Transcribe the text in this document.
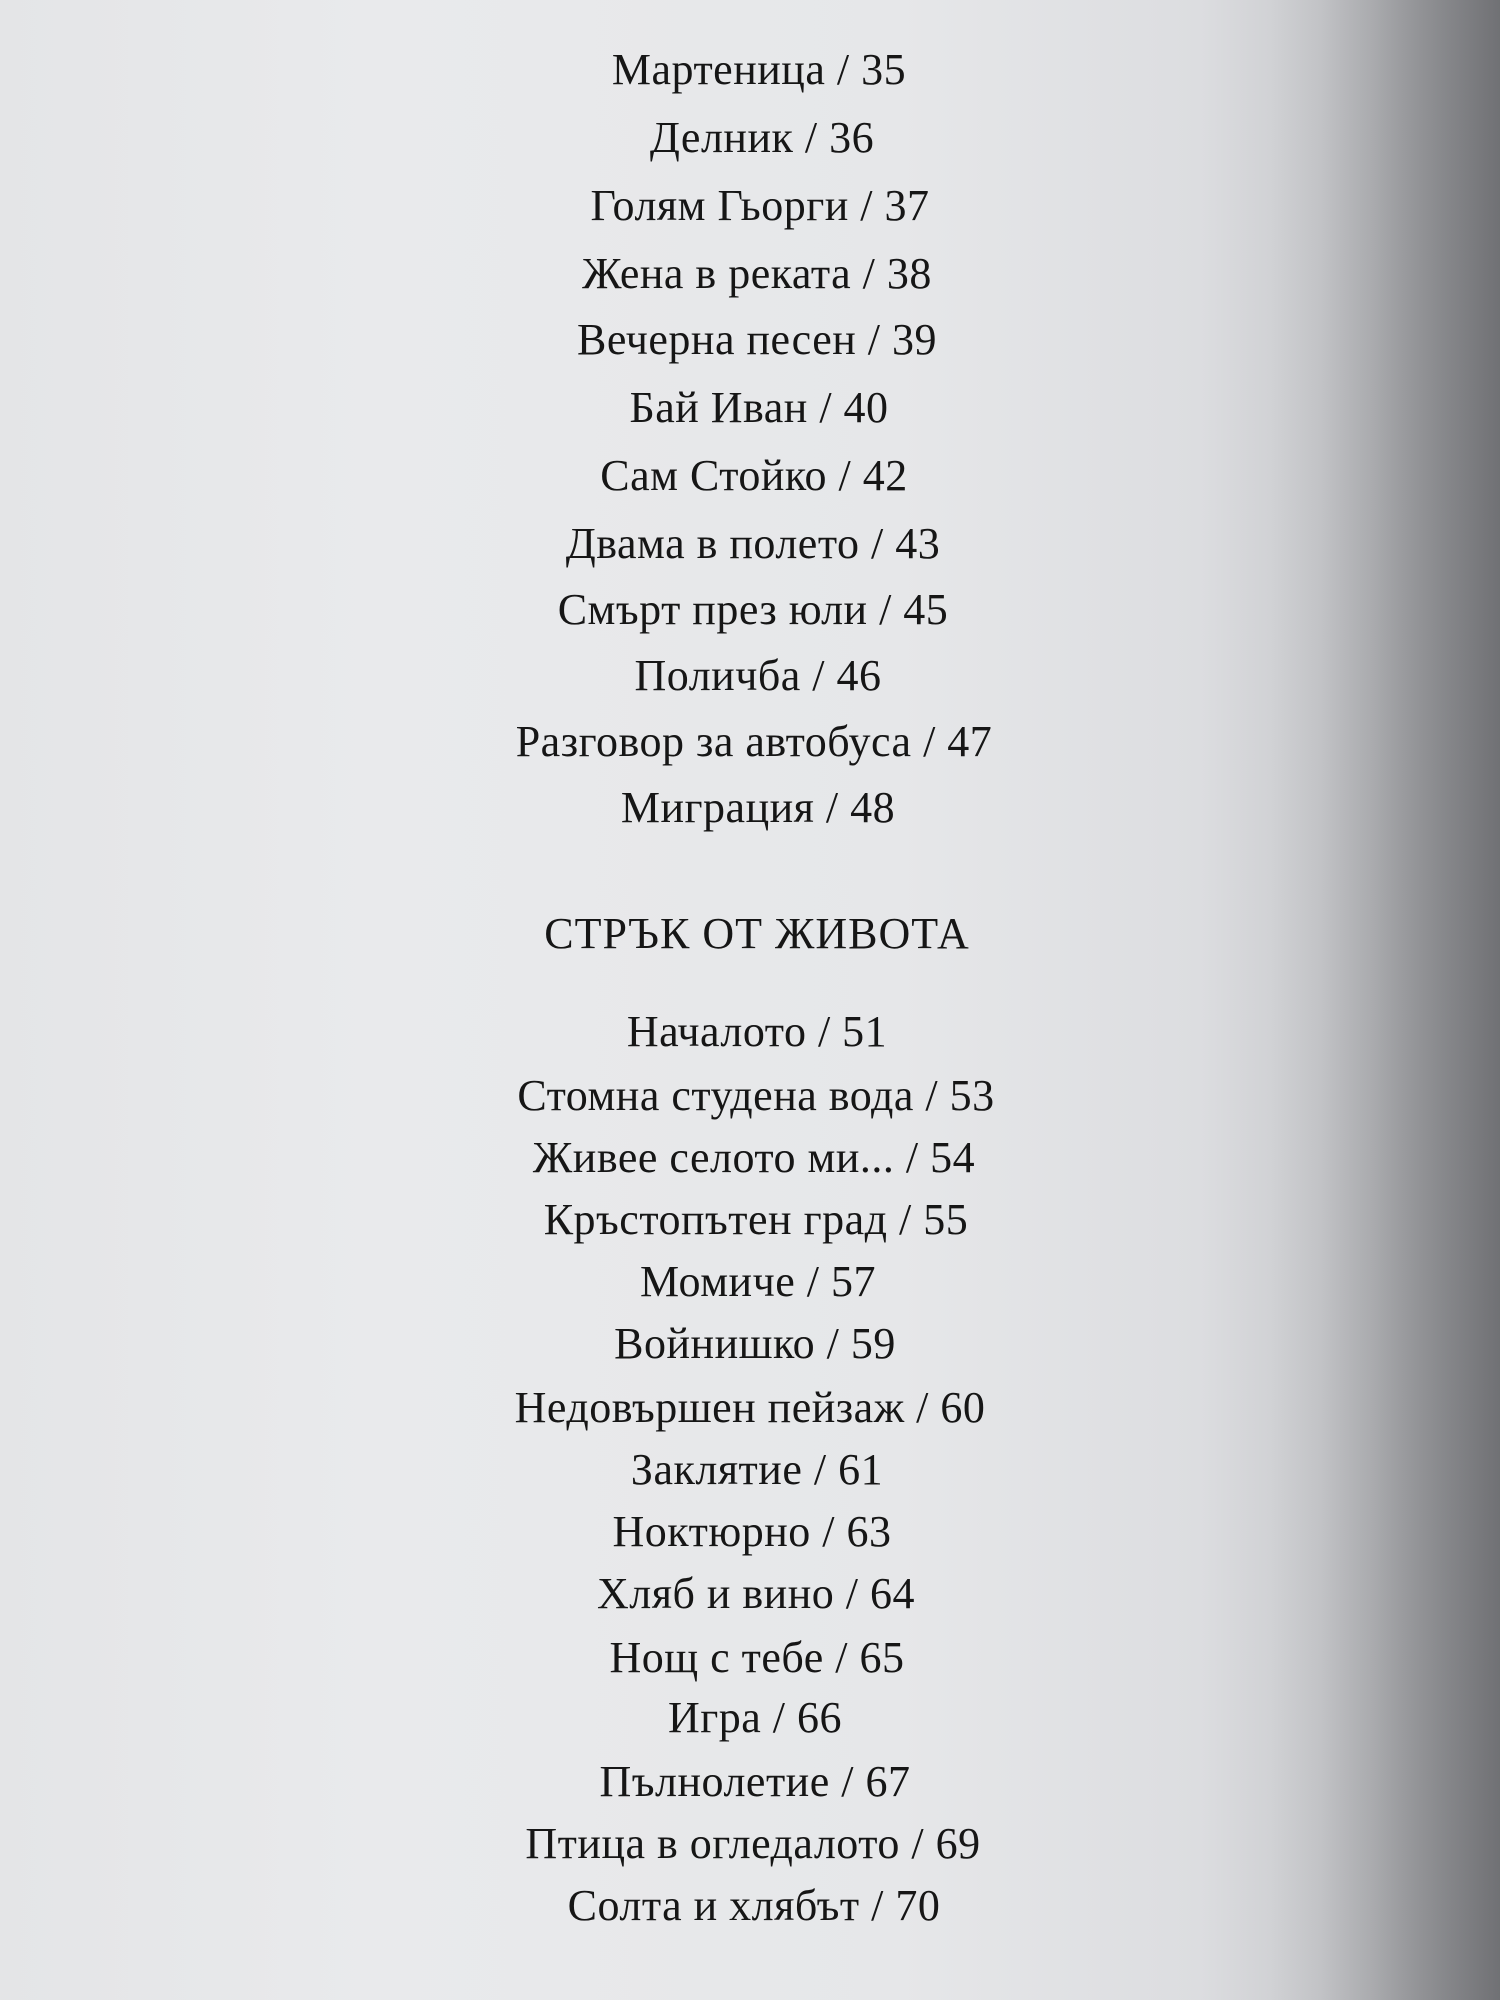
Мартеница / 35
Делник / 36
Голям Гьорги / 37
Жена в реката / 38
Вечерна песен / 39
Бай Иван / 40
Сам Стойко / 42
Двама в полето / 43
Смърт през юли / 45
Поличба / 46
Разговор за автобуса / 47
Миграция / 48
СТРЪК ОТ ЖИВОТА
Началото / 51
Стомна студена вода / 53
Живее селото ми... / 54
Кръстопътен град / 55
Момиче / 57
Войнишко / 59
Недовършен пейзаж / 60
Заклятие / 61
Ноктюрно / 63
Хляб и вино / 64
Нощ с тебе / 65
Игра / 66
Пълнолетие / 67
Птица в огледалото / 69
Солта и хлябът / 70
